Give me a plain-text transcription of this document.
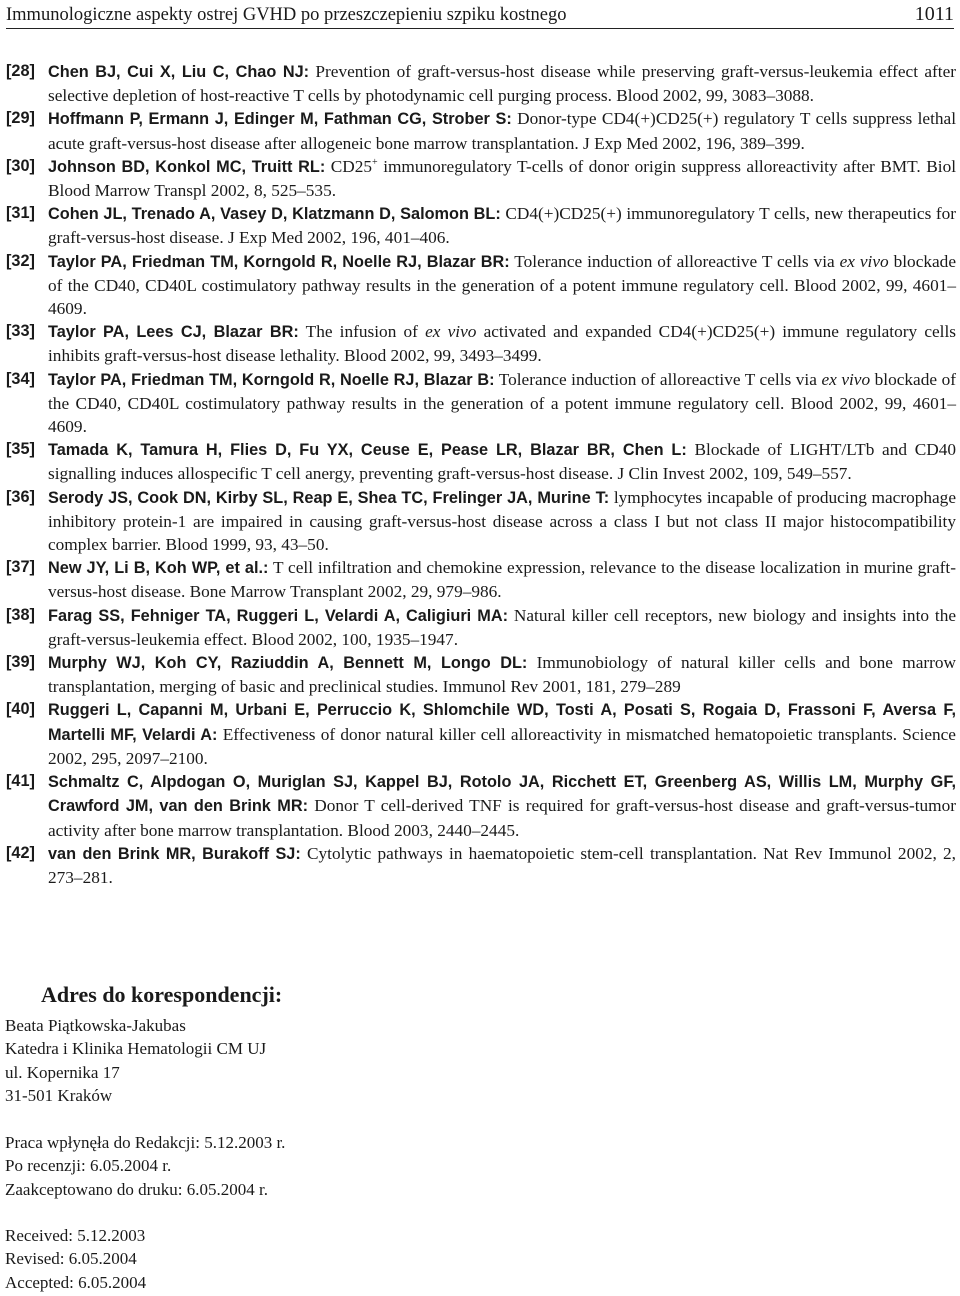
Immunologiczne aspekty ostrej GVHD po przeszczepieniu szpiku kostnego	1011
[28] Chen BJ, Cui X, Liu C, Chao NJ: Prevention of graft-versus-host disease while preserving graft-versus-leukemia effect after selective depletion of host-reactive T cells by photodynamic cell purging process. Blood 2002, 99, 3083–3088.
[29] Hoffmann P, Ermann J, Edinger M, Fathman CG, Strober S: Donor-type CD4(+)CD25(+) regulatory T cells suppress lethal acute graft-versus-host disease after allogeneic bone marrow transplantation. J Exp Med 2002, 196, 389–399.
[30] Johnson BD, Konkol MC, Truitt RL: CD25+ immunoregulatory T-cells of donor origin suppress alloreactivity after BMT. Biol Blood Marrow Transpl 2002, 8, 525–535.
[31] Cohen JL, Trenado A, Vasey D, Klatzmann D, Salomon BL: CD4(+)CD25(+) immunoregulatory T cells, new therapeutics for graft-versus-host disease. J Exp Med 2002, 196, 401–406.
[32] Taylor PA, Friedman TM, Korngold R, Noelle RJ, Blazar BR: Tolerance induction of alloreactive T cells via ex vivo blockade of the CD40, CD40L costimulatory pathway results in the generation of a potent immune regulatory cell. Blood 2002, 99, 4601–4609.
[33] Taylor PA, Lees CJ, Blazar BR: The infusion of ex vivo activated and expanded CD4(+)CD25(+) immune regulatory cells inhibits graft-versus-host disease lethality. Blood 2002, 99, 3493–3499.
[34] Taylor PA, Friedman TM, Korngold R, Noelle RJ, Blazar B: Tolerance induction of alloreactive T cells via ex vivo blockade of the CD40, CD40L costimulatory pathway results in the generation of a potent immune regulatory cell. Blood 2002, 99, 4601–4609.
[35] Tamada K, Tamura H, Flies D, Fu YX, Ceuse E, Pease LR, Blazar BR, Chen L: Blockade of LIGHT/LTb and CD40 signalling induces allospecific T cell anergy, preventing graft-versus-host disease. J Clin Invest 2002, 109, 549–557.
[36] Serody JS, Cook DN, Kirby SL, Reap E, Shea TC, Frelinger JA, Murine T: lymphocytes incapable of producing macrophage inhibitory protein-1 are impaired in causing graft-versus-host disease across a class I but not class II major histocompatibility complex barrier. Blood 1999, 93, 43–50.
[37] New JY, Li B, Koh WP, et al.: T cell infiltration and chemokine expression, relevance to the disease localization in murine graft-versus-host disease. Bone Marrow Transplant 2002, 29, 979–986.
[38] Farag SS, Fehniger TA, Ruggeri L, Velardi A, Caligiuri MA: Natural killer cell receptors, new biology and insights into the graft-versus-leukemia effect. Blood 2002, 100, 1935–1947.
[39] Murphy WJ, Koh CY, Raziuddin A, Bennett M, Longo DL: Immunobiology of natural killer cells and bone marrow transplantation, merging of basic and preclinical studies. Immunol Rev 2001, 181, 279–289
[40] Ruggeri L, Capanni M, Urbani E, Perruccio K, Shlomchile WD, Tosti A, Posati S, Rogaia D, Frassoni F, Aversa F, Martelli MF, Velardi A: Effectiveness of donor natural killer cell alloreactivity in mismatched hematopoietic transplants. Science 2002, 295, 2097–2100.
[41] Schmaltz C, Alpdogan O, Muriglan SJ, Kappel BJ, Rotolo JA, Ricchett ET, Greenberg AS, Willis LM, Murphy GF, Crawford JM, van den Brink MR: Donor T cell-derived TNF is required for graft-versus-host disease and graft-versus-tumor activity after bone marrow transplantation. Blood 2003, 2440–2445.
[42] van den Brink MR, Burakoff SJ: Cytolytic pathways in haematopoietic stem-cell transplantation. Nat Rev Immunol 2002, 2, 273–281.
Adres do korespondencji:
Beata Piątkowska-Jakubas
Katedra i Klinika Hematologii CM UJ
ul. Kopernika 17
31-501 Kraków
Praca wpłynęła do Redakcji: 5.12.2003 r.
Po recenzji: 6.05.2004 r.
Zaakceptowano do druku: 6.05.2004 r.
Received: 5.12.2003
Revised: 6.05.2004
Accepted: 6.05.2004
